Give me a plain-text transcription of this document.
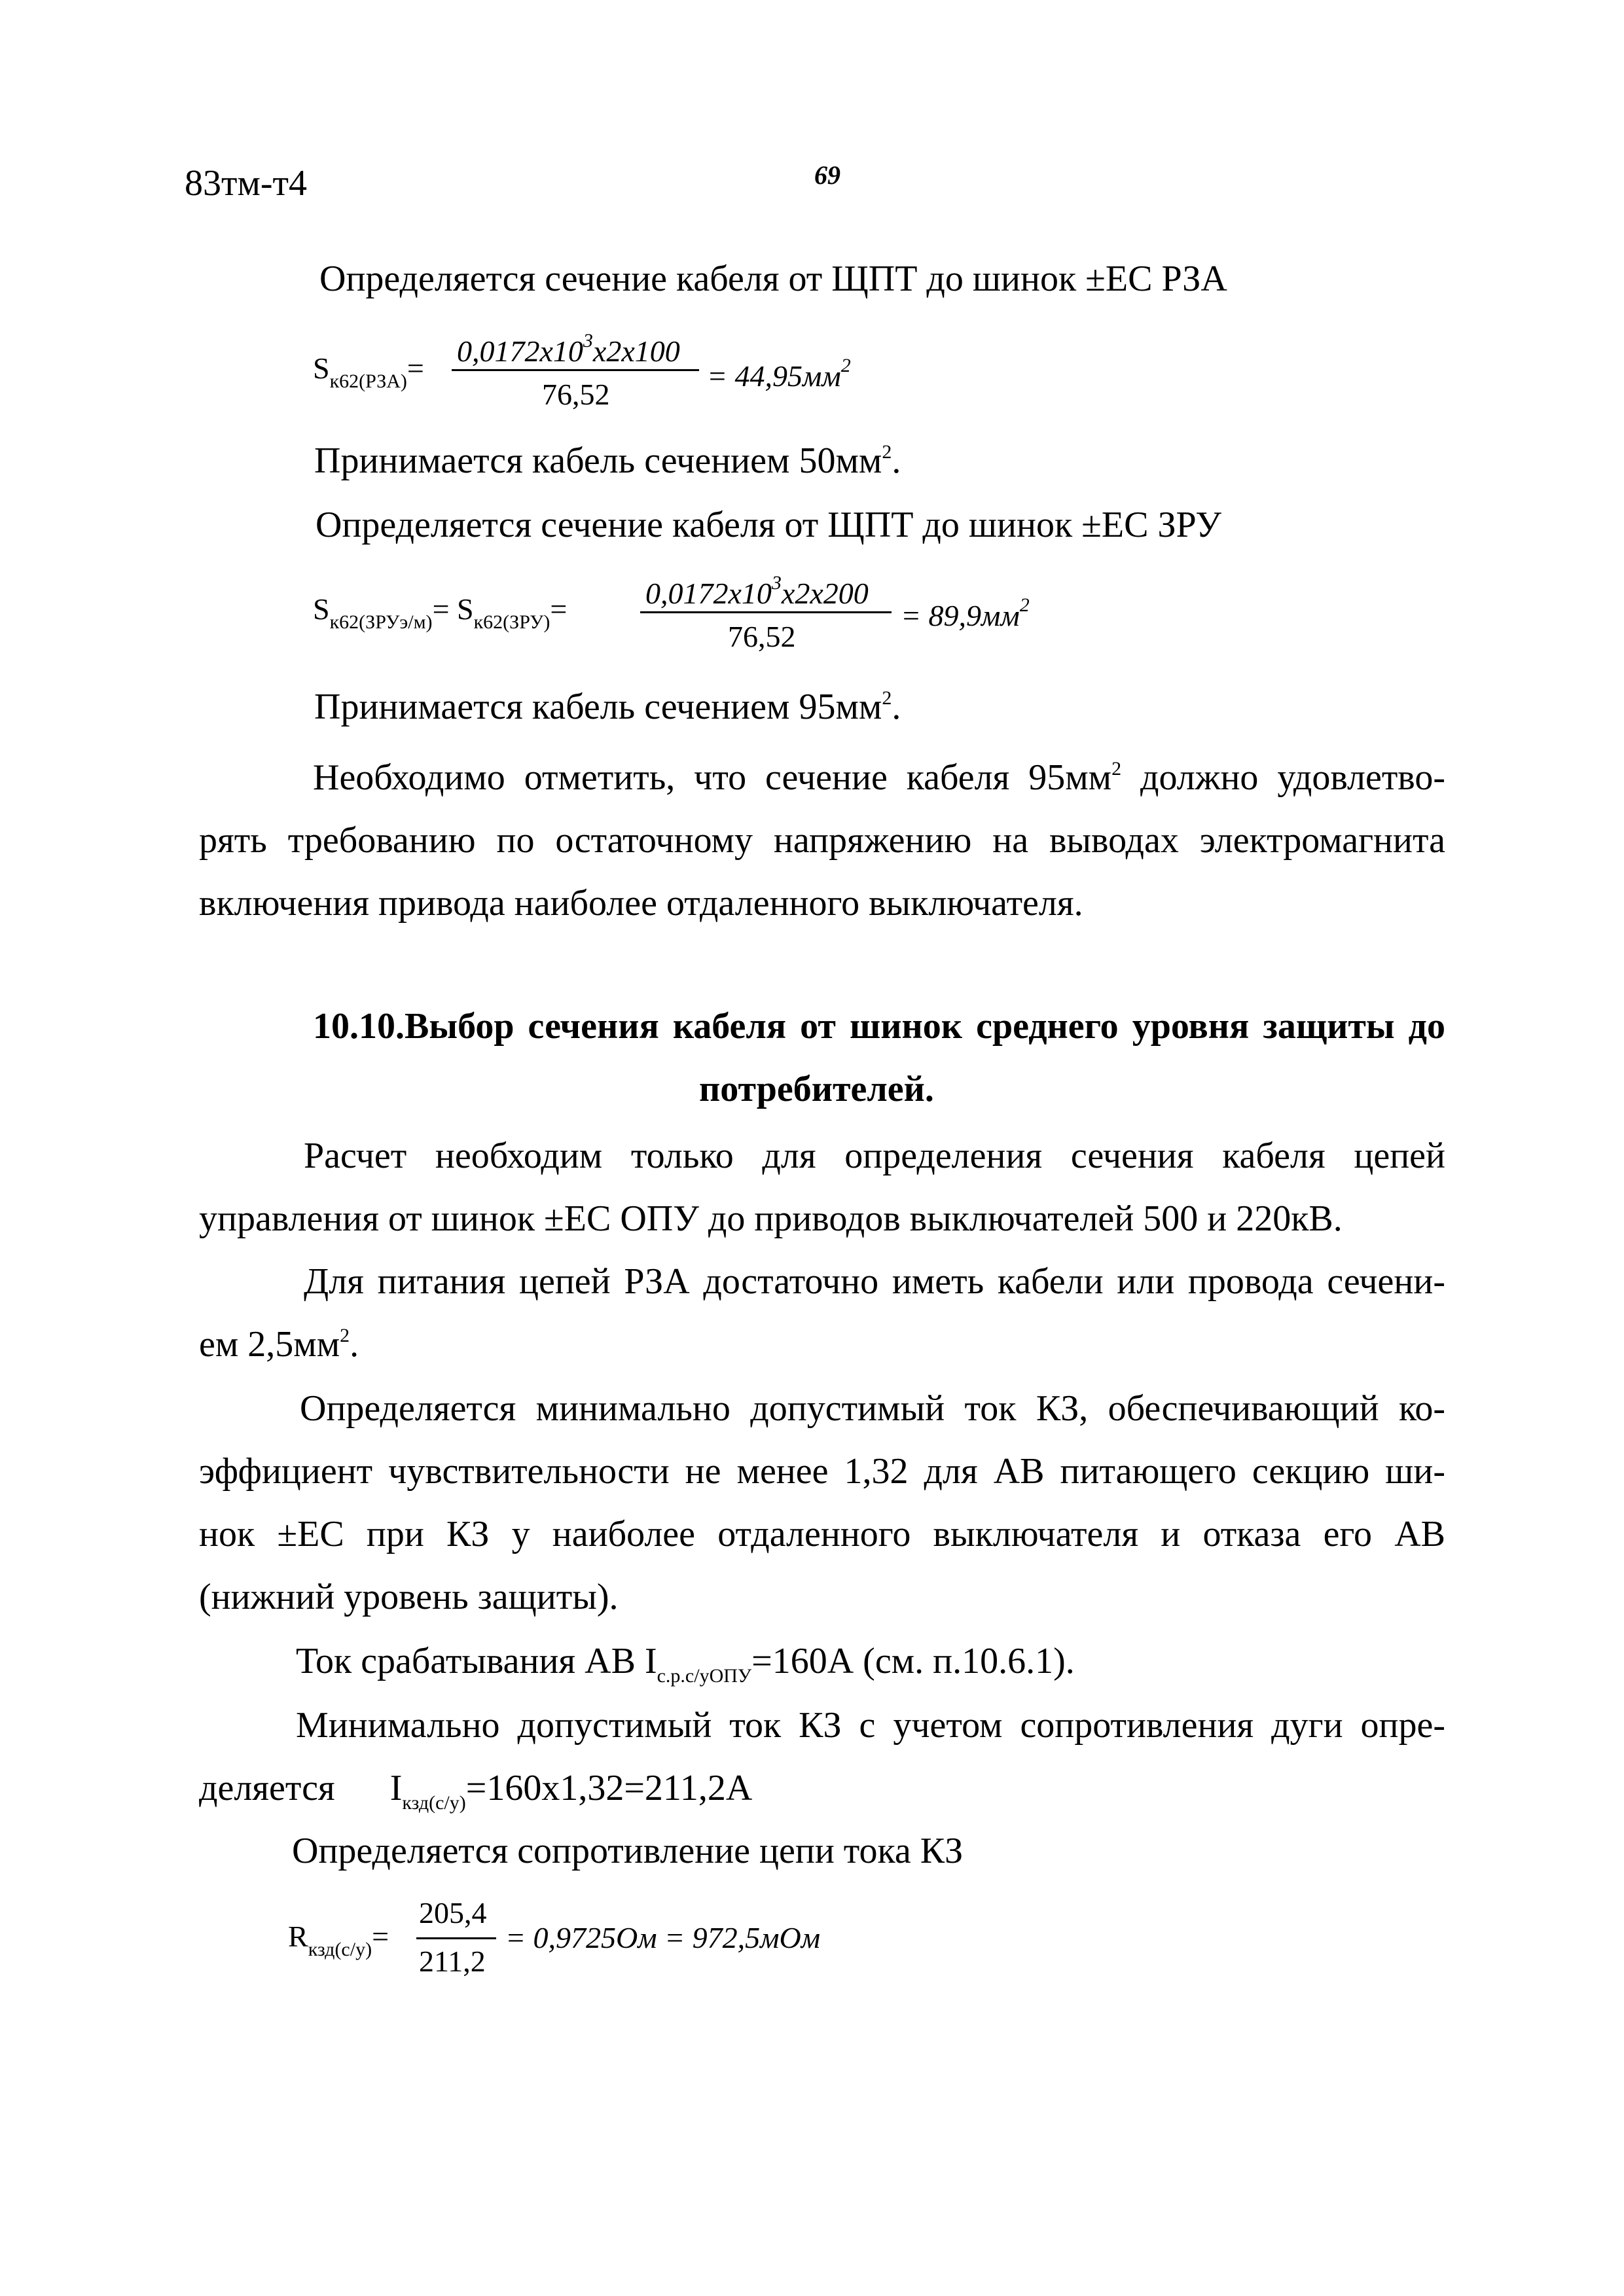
83тм-т4	69
Определяется сечение кабеля от ЩПТ до шинок ±ЕС РЗА
$S_{к62(РЗА)}=$
$0,0172x10^3x2x100$
76,52
= $44,95мм^2$
Принимается кабель сечением $50мм^2$.
Определяется сечение кабеля от ЩПТ до шинок ±ЕС ЗРУ
$S_{к62(ЗРУэ/м)}= S_{к62(ЗРУ)}=$	$0,0172x10^3x2x200$
76,52
= $89,9мм^2$
Принимается кабель сечением $95мм^2$.
Необходимо отметить, что сечение кабеля $95мм^2$ должно удовлетво-
рять требованию по остаточному напряжению на выводах электромагнита
включения привода наиболее отдаленного выключателя.
10.10.Выбор сечения кабеля от шинок среднего уровня защиты до
потребителей.
Расчет необходим только для определения сечения кабеля цепей
управления от шинок ±ЕС ОПУ до приводов выключателей 500 и 220кВ.
Для питания цепей РЗА достаточно иметь кабели или провода сечени-
ем $2,5мм^2$.
Определяется минимально допустимый ток КЗ, обеспечивающий ко-
эффициент чувствительности не менее 1,32 для АВ питающего секцию ши-
нок ±ЕС при КЗ у наиболее отдаленного выключателя и отказа его АВ
(нижний уровень защиты).
Ток срабатывания АВ $I_{с.р.с/уОПУ}=160А$ (см. п.10.6.1).
Минимально допустимый ток КЗ с учетом сопротивления дуги опре-
деляется $I_{кзд(с/у)}=160х1,32=211,2А$
Определяется сопротивление цепи тока КЗ
$R_{кзд(с/у)}=$
205,4
211,2
= 0,9725Ом = 972,5мОм
